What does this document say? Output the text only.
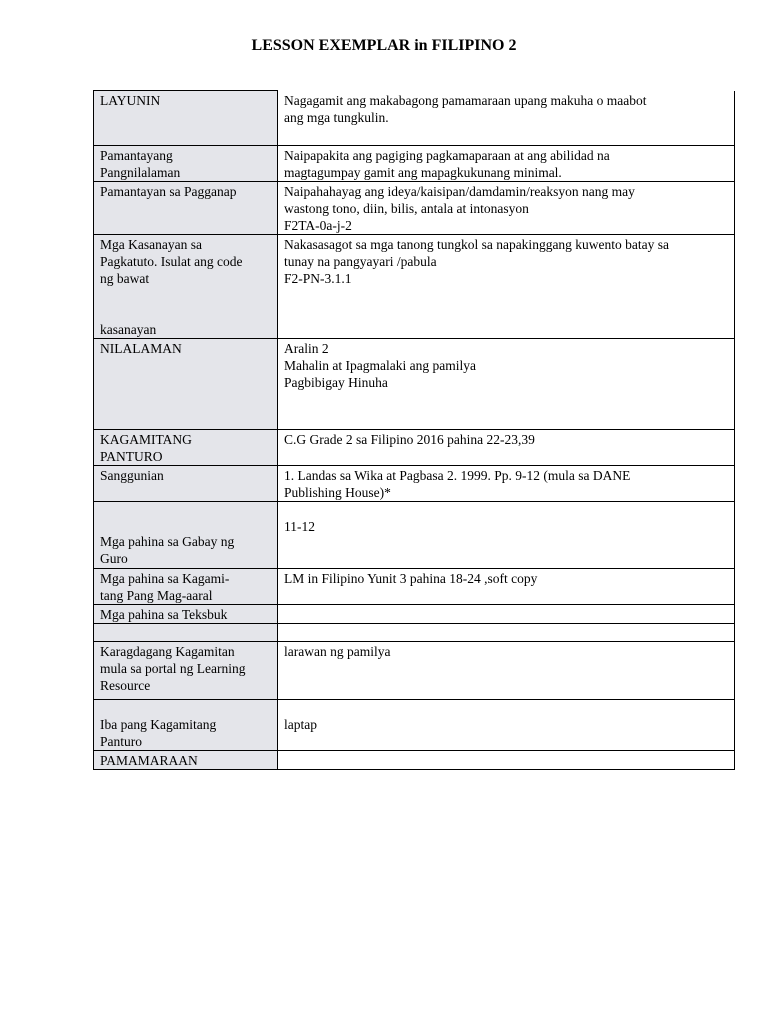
LESSON EXEMPLAR in FILIPINO 2
LAYUNIN	Nagagamit ang makabagong pamamaraan upang makuha o maabot
ang mga tungkulin.

Pamantayang
Pangnilalaman	Naipapakita ang pagiging pagkamaparaan at ang abilidad na
magtagumpay gamit ang mapagkukunang minimal.

Pamantayan sa Pagganap	Naipahahayag ang ideya/kaisipan/damdamin/reaksyon nang may
wastong tono, diin, bilis, antala at intonasyon
F2TA-0a-j-2

Mga Kasanayan sa
Pagkatuto. Isulat ang code
ng bawat
kasanayan	Nakasasagot sa mga tanong tungkol sa napakinggang kuwento batay sa
tunay na pangyayari /pabula
F2-PN-3.1.1

NILALAMAN	Aralin 2
Mahalin at Ipagmalaki ang pamilya
Pagbibigay Hinuha

KAGAMITANG
PANTURO	C.G Grade 2 sa Filipino 2016 pahina 22-23,39

Sanggunian	1. Landas sa Wika at Pagbasa 2. 1999. Pp. 9-12 (mula sa DANE
Publishing House)*

Mga pahina sa Gabay ng
Guro	11-12

Mga pahina sa Kagami-
tang Pang Mag-aaral	LM in Filipino Yunit 3 pahina 18-24 ,soft copy

Mga pahina sa Teksbuk	

Karagdagang Kagamitan
mula sa portal ng Learning
Resource	larawan ng pamilya

Iba pang Kagamitang
Panturo	laptap

PAMAMARAAN	
